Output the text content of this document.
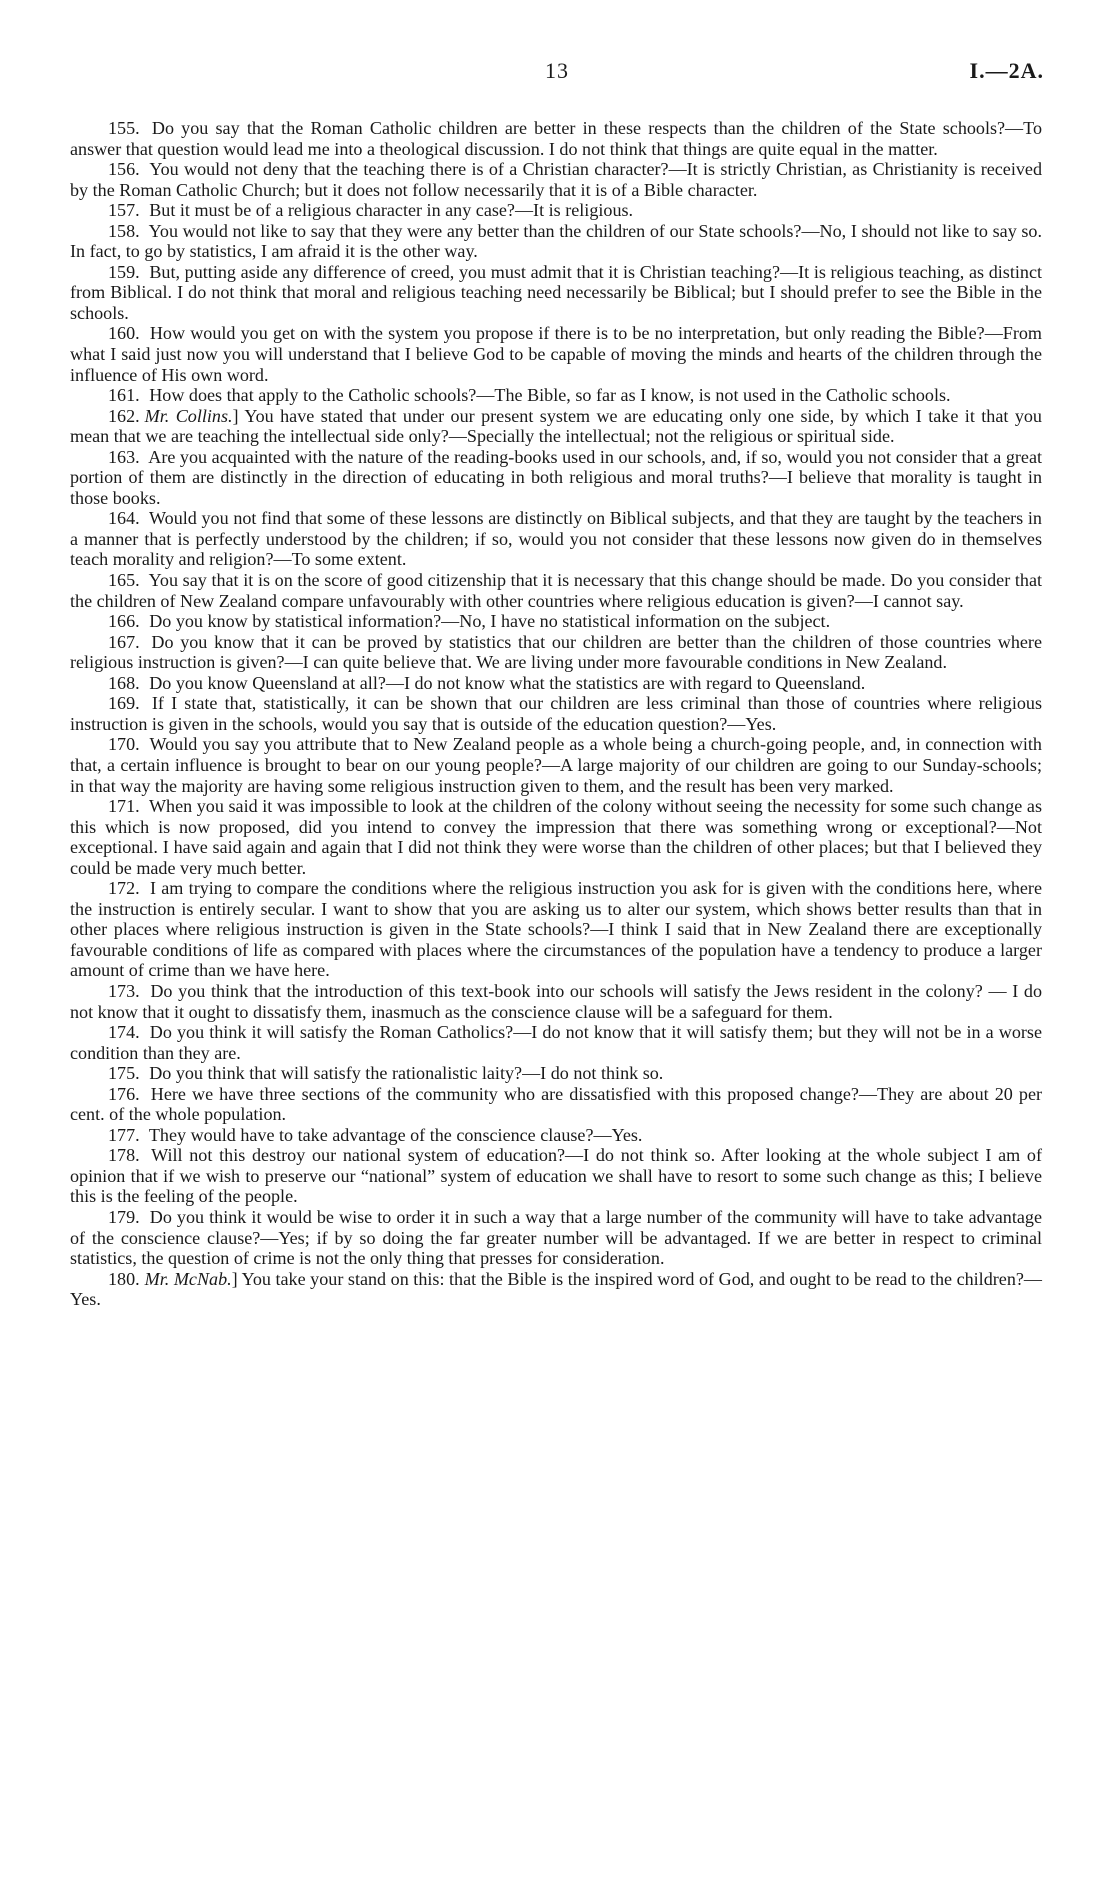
13	I.—2A.

155. Do you say that the Roman Catholic children are better in these respects than the children of the State schools?—To answer that question would lead me into a theological discussion. I do not think that things are quite equal in the matter.

156. You would not deny that the teaching there is of a Christian character?—It is strictly Christian, as Christianity is received by the Roman Catholic Church; but it does not follow necessarily that it is of a Bible character.

157. But it must be of a religious character in any case?—It is religious.

158. You would not like to say that they were any better than the children of our State schools?—No, I should not like to say so. In fact, to go by statistics, I am afraid it is the other way.

159. But, putting aside any difference of creed, you must admit that it is Christian teaching?—It is religious teaching, as distinct from Biblical. I do not think that moral and religious teaching need necessarily be Biblical; but I should prefer to see the Bible in the schools.

160. How would you get on with the system you propose if there is to be no interpretation, but only reading the Bible?—From what I said just now you will understand that I believe God to be capable of moving the minds and hearts of the children through the influence of His own word.

161. How does that apply to the Catholic schools?—The Bible, so far as I know, is not used in the Catholic schools.

162. Mr. Collins.] You have stated that under our present system we are educating only one side, by which I take it that you mean that we are teaching the intellectual side only?—Specially the intellectual; not the religious or spiritual side.

163. Are you acquainted with the nature of the reading-books used in our schools, and, if so, would you not consider that a great portion of them are distinctly in the direction of educating in both religious and moral truths?—I believe that morality is taught in those books.

164. Would you not find that some of these lessons are distinctly on Biblical subjects, and that they are taught by the teachers in a manner that is perfectly understood by the children; if so, would you not consider that these lessons now given do in themselves teach morality and religion?—To some extent.

165. You say that it is on the score of good citizenship that it is necessary that this change should be made. Do you consider that the children of New Zealand compare unfavourably with other countries where religious education is given?—I cannot say.

166. Do you know by statistical information?—No, I have no statistical information on the subject.

167. Do you know that it can be proved by statistics that our children are better than the children of those countries where religious instruction is given?—I can quite believe that. We are living under more favourable conditions in New Zealand.

168. Do you know Queensland at all?—I do not know what the statistics are with regard to Queensland.

169. If I state that, statistically, it can be shown that our children are less criminal than those of countries where religious instruction is given in the schools, would you say that is outside of the education question?—Yes.

170. Would you say you attribute that to New Zealand people as a whole being a church-going people, and, in connection with that, a certain influence is brought to bear on our young people?—A large majority of our children are going to our Sunday-schools; in that way the majority are having some religious instruction given to them, and the result has been very marked.

171. When you said it was impossible to look at the children of the colony without seeing the necessity for some such change as this which is now proposed, did you intend to convey the impression that there was something wrong or exceptional?—Not exceptional. I have said again and again that I did not think they were worse than the children of other places; but that I believed they could be made very much better.

172. I am trying to compare the conditions where the religious instruction you ask for is given with the conditions here, where the instruction is entirely secular. I want to show that you are asking us to alter our system, which shows better results than that in other places where religious instruction is given in the State schools?—I think I said that in New Zealand there are exceptionally favourable conditions of life as compared with places where the circumstances of the population have a tendency to produce a larger amount of crime than we have here.

173. Do you think that the introduction of this text-book into our schools will satisfy the Jews resident in the colony? — I do not know that it ought to dissatisfy them, inasmuch as the conscience clause will be a safeguard for them.

174. Do you think it will satisfy the Roman Catholics?—I do not know that it will satisfy them; but they will not be in a worse condition than they are.

175. Do you think that will satisfy the rationalistic laity?—I do not think so.

176. Here we have three sections of the community who are dissatisfied with this proposed change?—They are about 20 per cent. of the whole population.

177. They would have to take advantage of the conscience clause?—Yes.

178. Will not this destroy our national system of education?—I do not think so. After looking at the whole subject I am of opinion that if we wish to preserve our “national” system of education we shall have to resort to some such change as this; I believe this is the feeling of the people.

179. Do you think it would be wise to order it in such a way that a large number of the community will have to take advantage of the conscience clause?—Yes; if by so doing the far greater number will be advantaged. If we are better in respect to criminal statistics, the question of crime is not the only thing that presses for consideration.

180. Mr. McNab.] You take your stand on this: that the Bible is the inspired word of God, and ought to be read to the children?—Yes.
